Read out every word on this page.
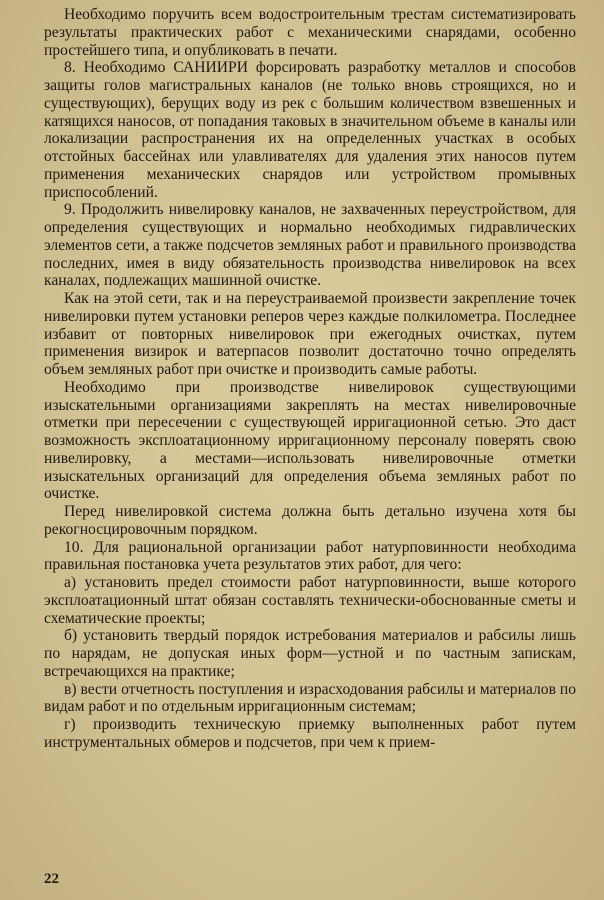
Необходимо поручить всем водостроительным трестам систематизировать результаты практических работ с механическими снарядами, особенно простейшего типа, и опубликовать в печати.

8. Необходимо САНИИРИ форсировать разработку металлов и способов защиты голов магистральных каналов (не только вновь строящихся, но и существующих), берущих воду из рек с большим количеством взвешенных и катящихся наносов, от попадания таковых в значительном объеме в каналы или локализации распространения их на определенных участках в особых отстойных бассейнах или улавливателях для удаления этих наносов путем применения механических снарядов или устройством промывных приспособлений.

9. Продолжить нивелировку каналов, не захваченных переустройством, для определения существующих и нормально необходимых гидравлических элементов сети, а также подсчетов земляных работ и правильного производства последних, имея в виду обязательность производства нивелировок на всех каналах, подлежащих машинной очистке.

Как на этой сети, так и на переустраиваемой произвести закрепление точек нивелировки путем установки реперов через каждые полкилометра. Последнее избавит от повторных нивелировок при ежегодных очистках, путем применения визирок и ватерпасов позволит достаточно точно определять объем земляных работ при очистке и производить самые работы.

Необходимо при производстве нивелировок существующими изыскательными организациями закреплять на местах нивелировочные отметки при пересечении с существующей ирригационной сетью. Это даст возможность эксплоатационному ирригационному персоналу поверять свою нивелировку, а местами—использовать нивелировочные отметки изыскательных организаций для определения объема земляных работ по очистке.

Перед нивелировкой система должна быть детально изучена хотя бы рекогносцировочным порядком.

10. Для рациональной организации работ натурповинности необходима правильная постановка учета результатов этих работ, для чего:

а) установить предел стоимости работ натурповинности, выше которого эксплоатационный штат обязан составлять технически-обоснованные сметы и схематические проекты;

б) установить твердый порядок истребования материалов и рабсилы лишь по нарядам, не допуская иных форм—устной и по частным запискам, встречающихся на практике;

в) вести отчетность поступления и израсходования рабсилы и материалов по видам работ и по отдельным ирригационным системам;

г) производить техническую приемку выполненных работ путем инструментальных обмеров и подсчетов, при чем к прием-

22
